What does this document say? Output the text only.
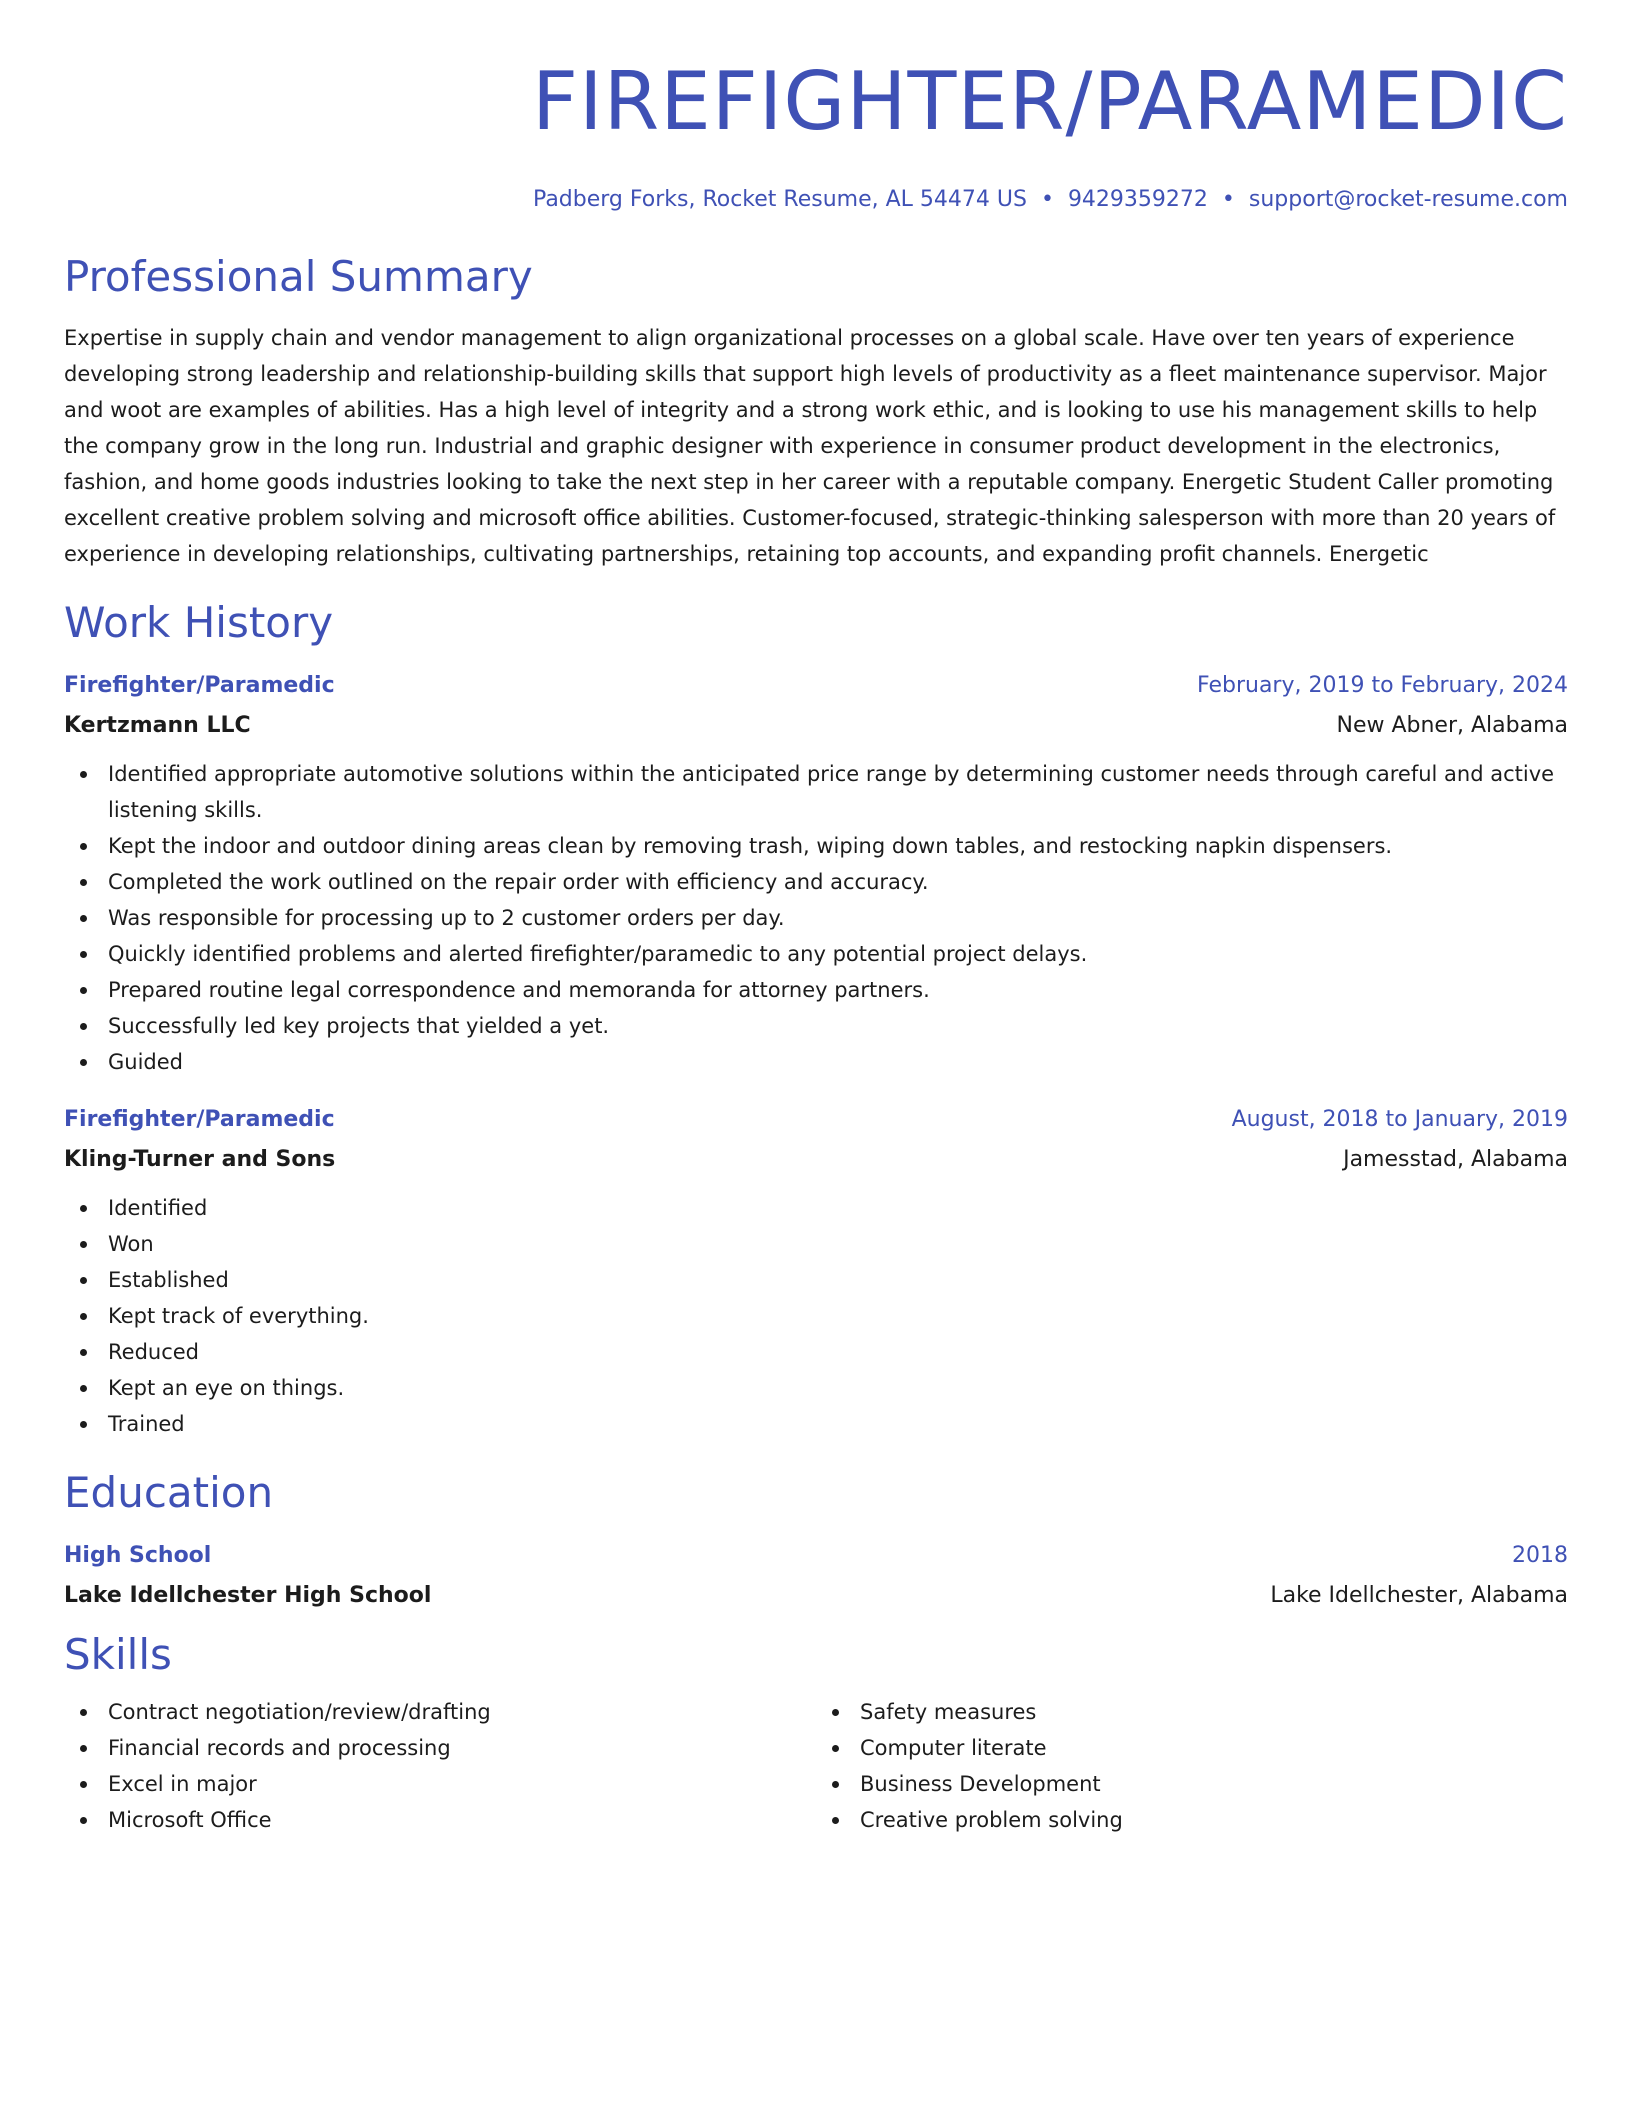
FIREFIGHTER/PARAMEDIC
Padberg Forks, Rocket Resume, AL 54474 US • 9429359272 • support@rocket-resume.com
Professional Summary
Expertise in supply chain and vendor management to align organizational processes on a global scale. Have over ten years of experience developing strong leadership and relationship-building skills that support high levels of productivity as a fleet maintenance supervisor. Major and woot are examples of abilities. Has a high level of integrity and a strong work ethic, and is looking to use his management skills to help the company grow in the long run. Industrial and graphic designer with experience in consumer product development in the electronics, fashion, and home goods industries looking to take the next step in her career with a reputable company. Energetic Student Caller promoting excellent creative problem solving and microsoft office abilities. Customer-focused, strategic-thinking salesperson with more than 20 years of experience in developing relationships, cultivating partnerships, retaining top accounts, and expanding profit channels. Energetic
Work History
Firefighter/Paramedic	February, 2019 to February, 2024
Kertzmann LLC	New Abner, Alabama
Identified appropriate automotive solutions within the anticipated price range by determining customer needs through careful and active listening skills.
Kept the indoor and outdoor dining areas clean by removing trash, wiping down tables, and restocking napkin dispensers.
Completed the work outlined on the repair order with efficiency and accuracy.
Was responsible for processing up to 2 customer orders per day.
Quickly identified problems and alerted firefighter/paramedic to any potential project delays.
Prepared routine legal correspondence and memoranda for attorney partners.
Successfully led key projects that yielded a yet.
Guided
Firefighter/Paramedic	August, 2018 to January, 2019
Kling-Turner and Sons	Jamesstad, Alabama
Identified
Won
Established
Kept track of everything.
Reduced
Kept an eye on things.
Trained
Education
High School	2018
Lake Idellchester High School	Lake Idellchester, Alabama
Skills
Contract negotiation/review/drafting
Financial records and processing
Excel in major
Microsoft Office
Safety measures
Computer literate
Business Development
Creative problem solving
